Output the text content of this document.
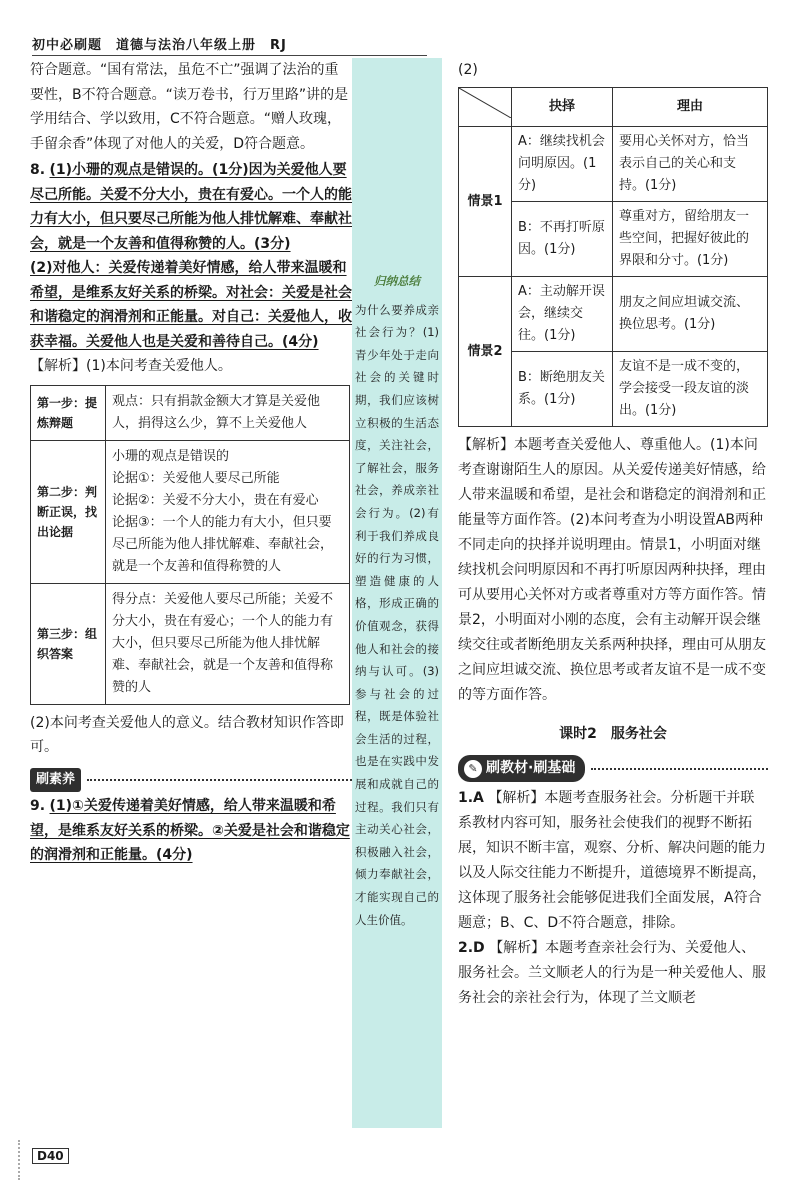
初中必刷题　道德与法治八年级上册　RJ

符合题意。“国有常法，虽危不亡”强调了法治的重要性，B不符合题意。“读万卷书，行万里路”讲的是学用结合、学以致用，C不符合题意。“赠人玫瑰，手留余香”体现了对他人的关爱，D符合题意。

8. (1)小珊的观点是错误的。(1分)因为关爱他人要尽己所能。关爱不分大小，贵在有爱心。一个人的能力有大小，但只要尽己所能为他人排忧解难、奉献社会，就是一个友善和值得称赞的人。(3分)

(2)对他人：关爱传递着美好情感，给人带来温暖和希望，是维系友好关系的桥梁。对社会：关爱是社会和谐稳定的润滑剂和正能量。对自己：关爱他人，收获幸福。关爱他人也是关爱和善待自己。(4分)

【解析】(1)本问考查关爱他人。

第一步：提炼辩题	观点：只有捐款金额大才算是关爱他人，捐得这么少，算不上关爱他人

第二步：判断正误，找出论据	小珊的观点是错误的
论据①：关爱他人要尽己所能
论据②：关爱不分大小，贵在有爱心
论据③：一个人的能力有大小，但只要尽己所能为他人排忧解难、奉献社会，就是一个友善和值得称赞的人

第三步：组织答案	得分点：关爱他人要尽己所能；关爱不分大小，贵在有爱心；一个人的能力有大小，但只要尽己所能为他人排忧解难、奉献社会，就是一个友善和值得称赞的人

(2)本问考查关爱他人的意义。结合教材知识作答即可。

刷素养

9. (1)①关爱传递着美好情感，给人带来温暖和希望，是维系友好关系的桥梁。②关爱是社会和谐稳定的润滑剂和正能量。(4分)

归纳总结
为什么要养成亲社会行为？(1)青少年处于走向社会的关键时期，我们应该树立积极的生活态度，关注社会，了解社会，服务社会，养成亲社会行为。(2)有利于我们养成良好的行为习惯，塑造健康的人格，形成正确的价值观念，获得他人和社会的接纳与认可。(3)参与社会的过程，既是体验社会生活的过程，也是在实践中发展和成就自己的过程。我们只有主动关心社会，积极融入社会，倾力奉献社会，才能实现自己的人生价值。

(2)

	抉择	理由
情景1	A：继续找机会问明原因。(1分)	要用心关怀对方，恰当表示自己的关心和支持。(1分)
	B：不再打听原因。(1分)	尊重对方，留给朋友一些空间，把握好彼此的界限和分寸。(1分)
情景2	A：主动解开误会，继续交往。(1分)	朋友之间应坦诚交流、换位思考。(1分)
	B：断绝朋友关系。(1分)	友谊不是一成不变的，学会接受一段友谊的淡出。(1分)

【解析】本题考查关爱他人、尊重他人。(1)本问考查谢谢陌生人的原因。从关爱传递美好情感，给人带来温暖和希望，是社会和谐稳定的润滑剂和正能量等方面作答。(2)本问考查为小明设置AB两种不同走向的抉择并说明理由。情景1，小明面对继续找机会问明原因和不再打听原因两种抉择，理由可从要用心关怀对方或者尊重对方等方面作答。情景2，小明面对小刚的态度，会有主动解开误会继续交往或者断绝朋友关系两种抉择，理由可从朋友之间应坦诚交流、换位思考或者友谊不是一成不变的等方面作答。

课时2　服务社会
✎ 刷教材·刷基础

1.A 【解析】本题考查服务社会。分析题干并联系教材内容可知，服务社会使我们的视野不断拓展，知识不断丰富，观察、分析、解决问题的能力以及人际交往能力不断提升，道德境界不断提高，这体现了服务社会能够促进我们全面发展，A符合题意；B、C、D不符合题意，排除。

2.D 【解析】本题考查亲社会行为、关爱他人、服务社会。兰文顺老人的行为是一种关爱他人、服务社会的亲社会行为，体现了兰文顺老

D40
